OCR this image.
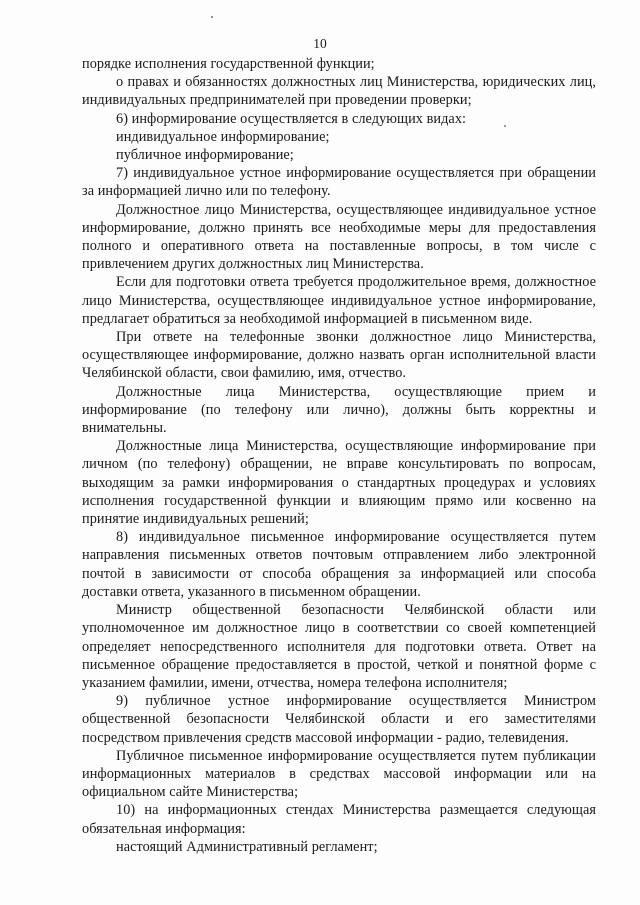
10

порядке исполнения государственной функции;

о правах и обязанностях должностных лиц Министерства, юридических лиц, индивидуальных предпринимателей при проведении проверки;

6) информирование осуществляется в следующих видах:

индивидуальное информирование;

публичное информирование;

7) индивидуальное устное информирование осуществляется при обращении за информацией лично или по телефону.

Должностное лицо Министерства, осуществляющее индивидуальное устное информирование, должно принять все необходимые меры для предоставления полного и оперативного ответа на поставленные вопросы, в том числе с привлечением других должностных лиц Министерства.

Если для подготовки ответа требуется продолжительное время, должностное лицо Министерства, осуществляющее индивидуальное устное информирование, предлагает обратиться за необходимой информацией в письменном виде.

При ответе на телефонные звонки должностное лицо Министерства, осуществляющее информирование, должно назвать орган исполнительной власти Челябинской области, свои фамилию, имя, отчество.

Должностные лица Министерства, осуществляющие прием и информирование (по телефону или лично), должны быть корректны и внимательны.

Должностные лица Министерства, осуществляющие информирование при личном (по телефону) обращении, не вправе консультировать по вопросам, выходящим за рамки информирования о стандартных процедурах и условиях исполнения государственной функции и влияющим прямо или косвенно на принятие индивидуальных решений;

8) индивидуальное письменное информирование осуществляется путем направления письменных ответов почтовым отправлением либо электронной почтой в зависимости от способа обращения за информацией или способа доставки ответа, указанного в письменном обращении.

Министр общественной безопасности Челябинской области или уполномоченное им должностное лицо в соответствии со своей компетенцией определяет непосредственного исполнителя для подготовки ответа. Ответ на письменное обращение предоставляется в простой, четкой и понятной форме с указанием фамилии, имени, отчества, номера телефона исполнителя;

9) публичное устное информирование осуществляется Министром общественной безопасности Челябинской области и его заместителями посредством привлечения средств массовой информации - радио, телевидения.

Публичное письменное информирование осуществляется путем публикации информационных материалов в средствах массовой информации или на официальном сайте Министерства;

10) на информационных стендах Министерства размещается следующая обязательная информация:

настоящий Административный регламент;
